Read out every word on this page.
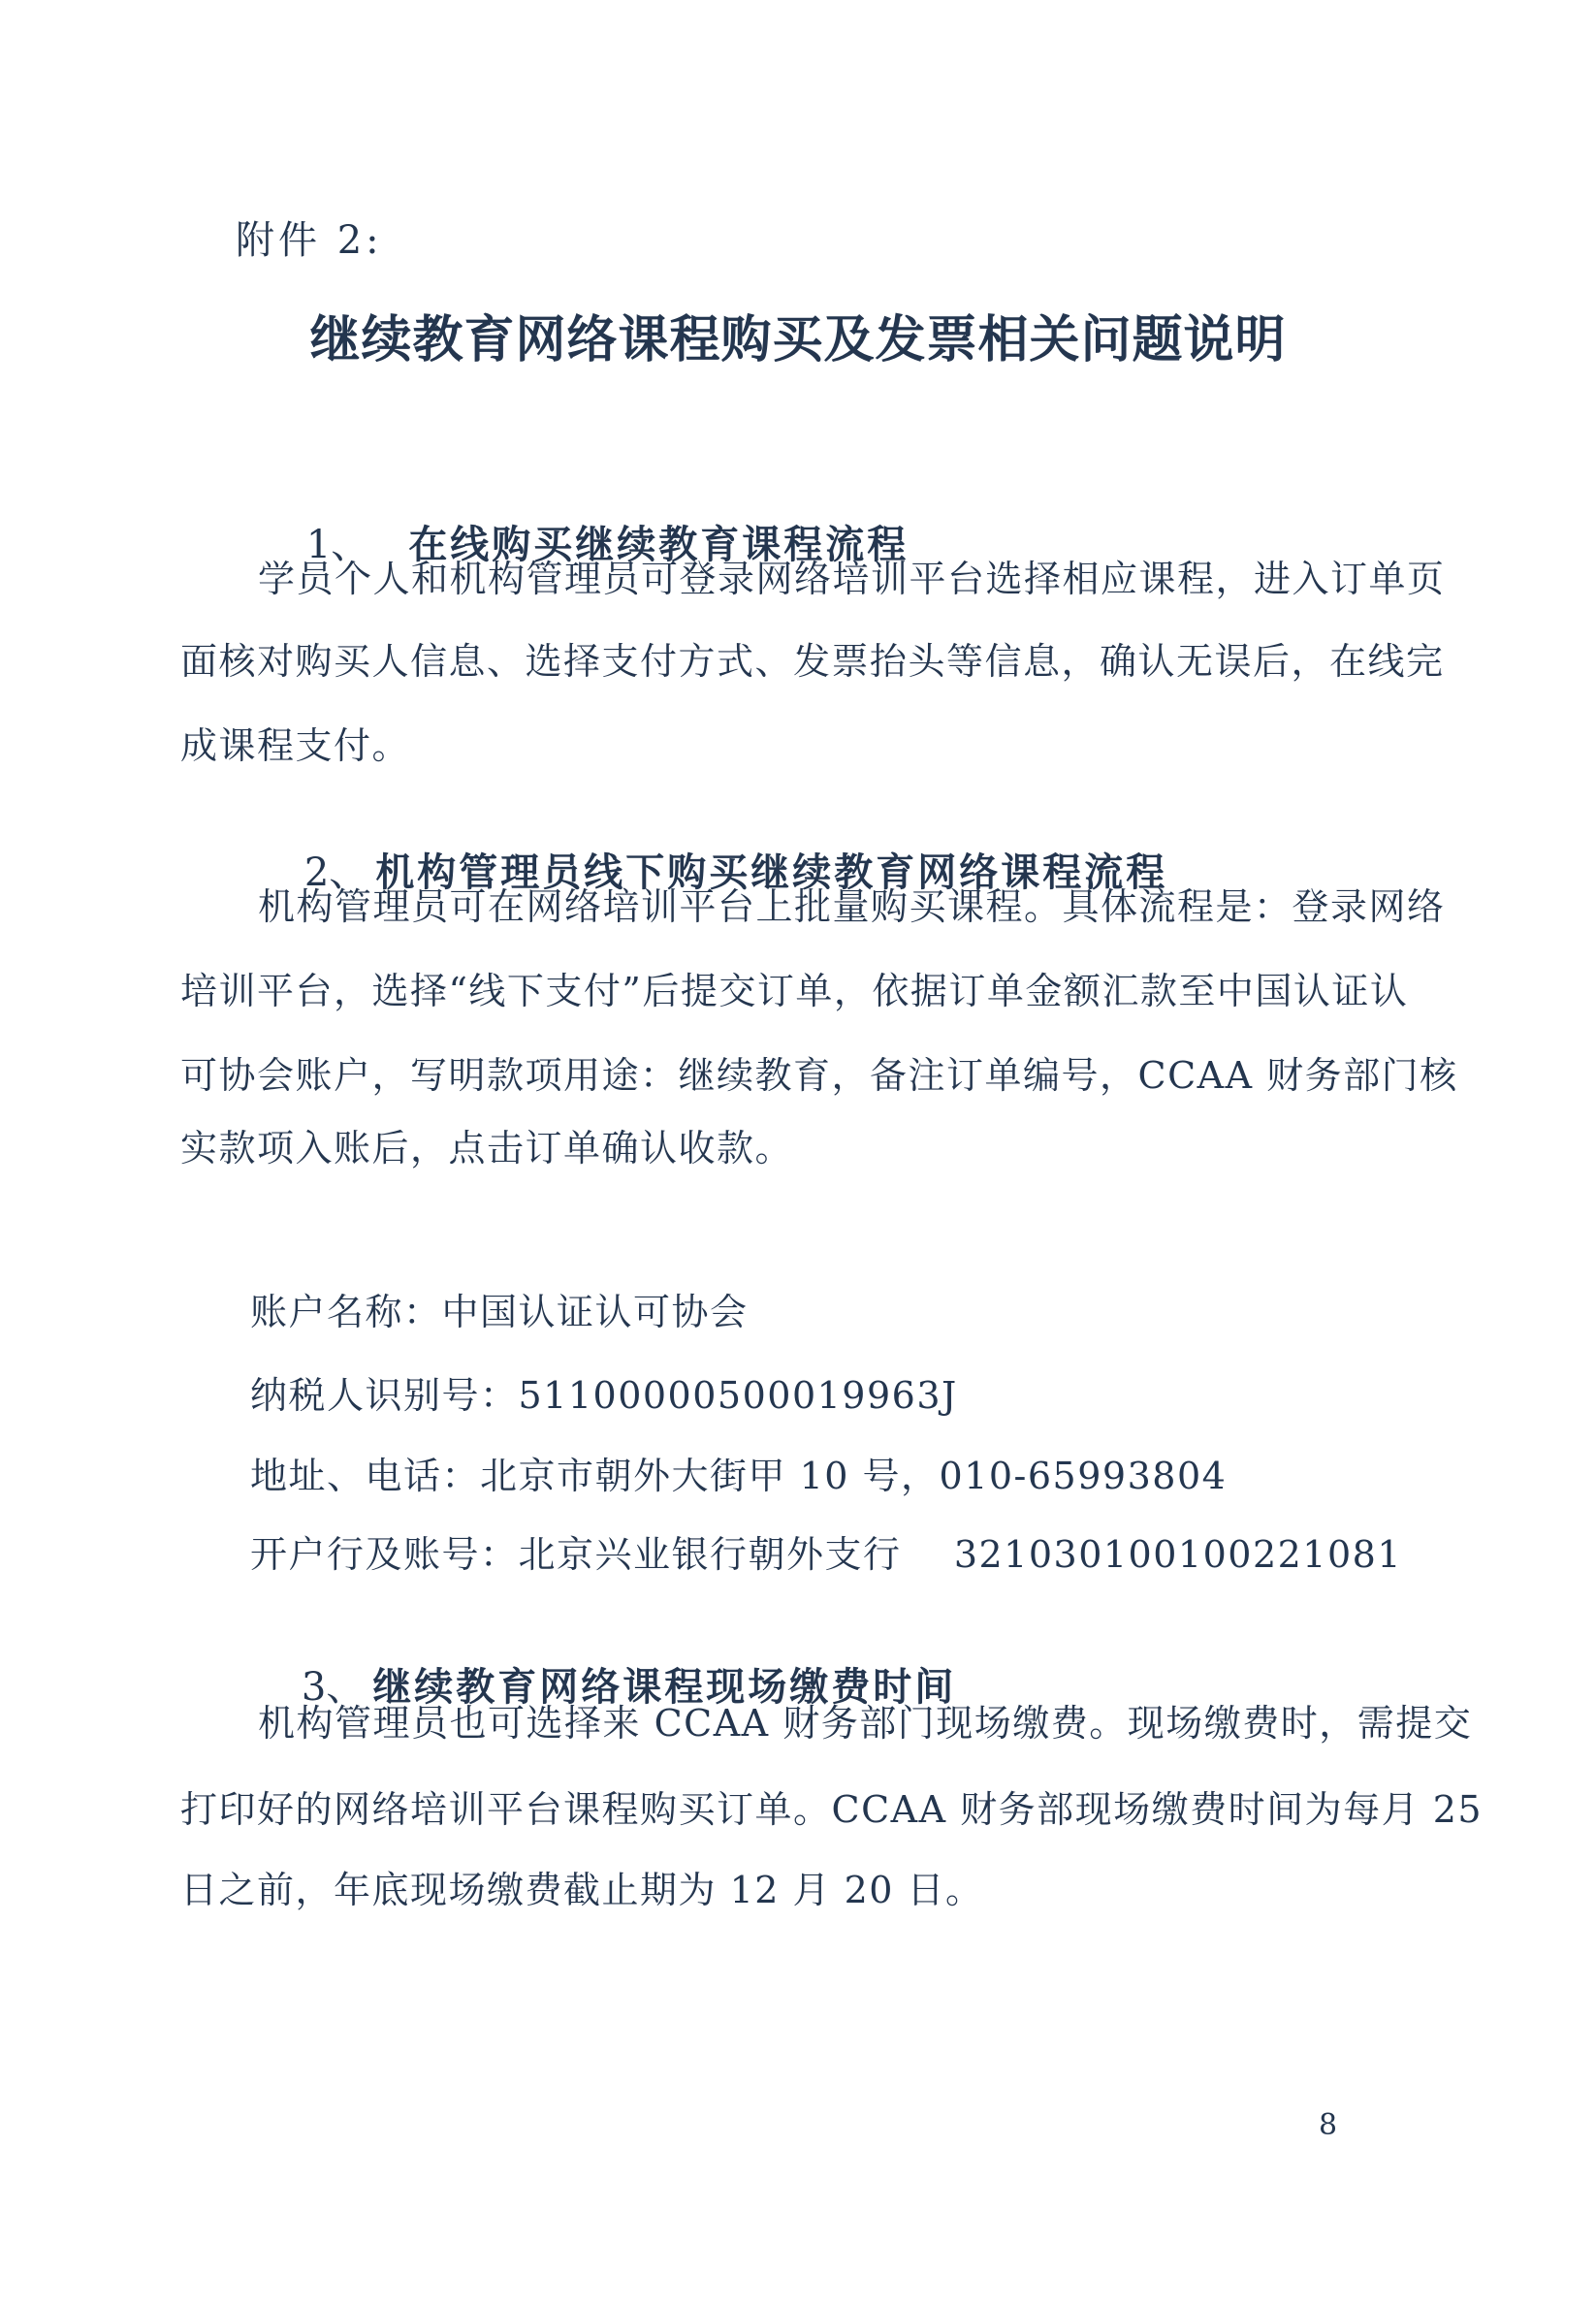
附件 2:
继续教育网络课程购买及发票相关问题说明

1、 在线购买继续教育课程流程

学员个人和机构管理员可登录网络培训平台选择相应课程，进入订单页
面核对购买人信息、选择支付方式、发票抬头等信息，确认无误后，在线完
成课程支付。

2、 机构管理员线下购买继续教育网络课程流程

机构管理员可在网络培训平台上批量购买课程。具体流程是：登录网络
培训平台，选择“线下支付”后提交订单，依据订单金额汇款至中国认证认
可协会账户，写明款项用途：继续教育，备注订单编号，CCAA 财务部门核
实款项入账后，点击订单确认收款。
账户名称：中国认证认可协会
纳税人识别号：51100000500019963J
地址、电话：北京市朝外大街甲 10 号，010-65993804
开户行及账号：北京兴业银行朝外支行    321030100100221081

3、 继续教育网络课程现场缴费时间

机构管理员也可选择来 CCAA 财务部门现场缴费。现场缴费时，需提交
打印好的网络培训平台课程购买订单。CCAA 财务部现场缴费时间为每月 25
日之前，年底现场缴费截止期为 12 月 20 日。
8
